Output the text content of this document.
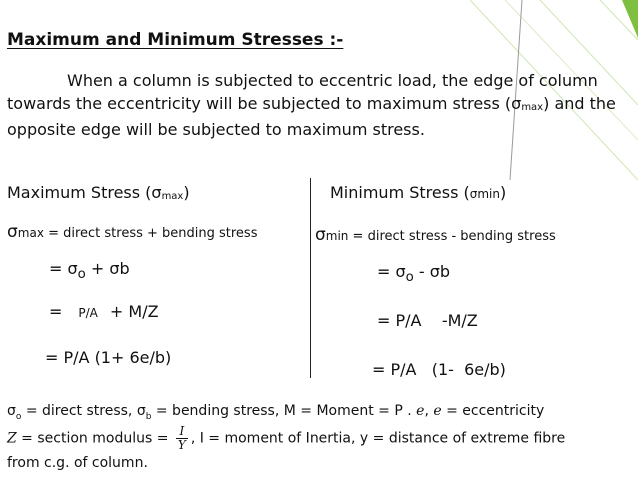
Maximum and Minimum Stresses :-
When a column is subjected to eccentric load, the edge of column towards the eccentricity will be subjected to maximum stress $(\sigma_{max})$ and the opposite edge will be subjected to maximum stress.
Maximum Stress $(\sigma_{max})$
σmax = direct stress + bending stress
= $\sigma_o + \sigma b$
= P/A + M/Z
= P/A (1+ 6e/b)
Minimum Stress (σmin)
σmin = direct stress - bending stress
= $\sigma_o$ - σb
= P/A    -M/Z
= P/A   (1-  6e/b)
$\sigma_o$ = direct stress, $\sigma_b$ = bending stress, M = Moment = P . e, e = eccentricity
Z = section modulus = $\frac{I}{Y}$ , I = moment of Inertia, y = distance of extreme fibre
from c.g. of column.
